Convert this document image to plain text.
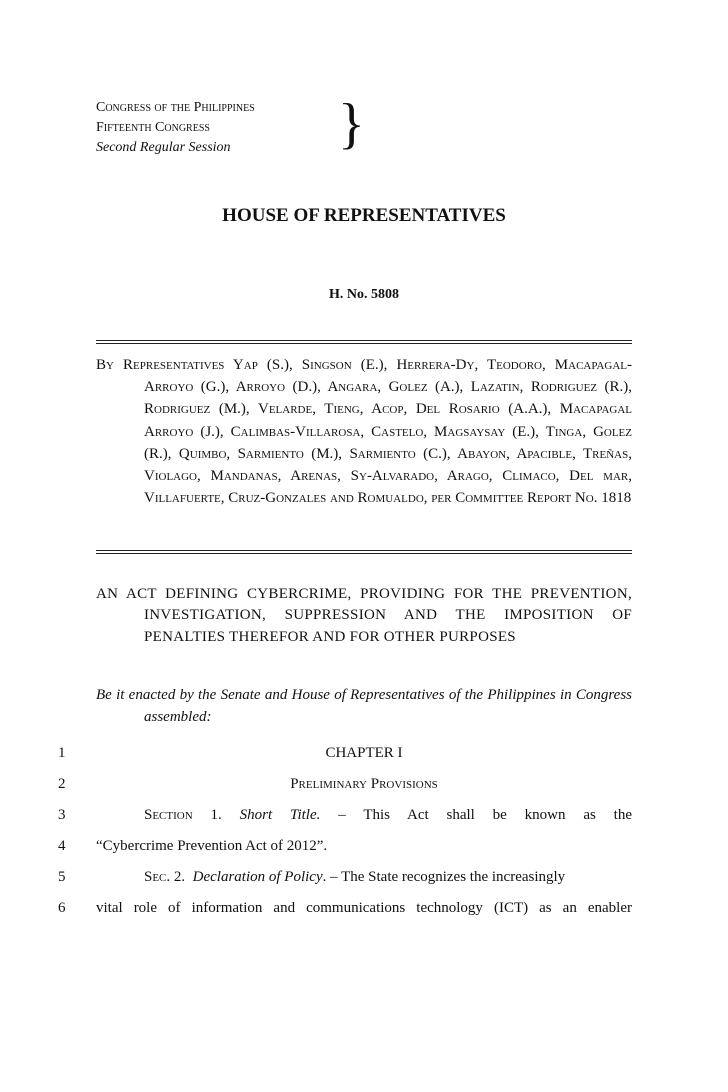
Congress of the Philippines
Fifteenth Congress
Second Regular Session	}
HOUSE OF REPRESENTATIVES
H. No. 5808
By Representatives Yap (S.), Singson (E.), Herrera-Dy, Teodoro, Macapagal-Arroyo (G.), Arroyo (D.), Angara, Golez (A.), Lazatin, Rodriguez (R.), Rodriguez (M.), Velarde, Tieng, Acop, Del Rosario (A.A.), Macapagal Arroyo (J.), Calimbas-Villarosa, Castelo, Magsaysay (E.), Tinga, Golez (R.), Quimbo, Sarmiento (M.), Sarmiento (C.), Abayon, Apacible, Treñas, Violago, Mandanas, Arenas, Sy-Alvarado, Arago, Climaco, Del mar, Villafuerte, Cruz-Gonzales and Romualdo, per Committee Report No. 1818
AN ACT DEFINING CYBERCRIME, PROVIDING FOR THE PREVENTION, INVESTIGATION, SUPPRESSION AND THE IMPOSITION OF PENALTIES THEREFOR AND FOR OTHER PURPOSES
Be it enacted by the Senate and House of Representatives of the Philippines in Congress assembled:
1	CHAPTER I
2	Preliminary Provisions
3	Section 1. Short Title. – This Act shall be known as the
4 “Cybercrime Prevention Act of 2012”.
5	Sec. 2. Declaration of Policy. – The State recognizes the increasingly
6 vital role of information and communications technology (ICT) as an enabler
